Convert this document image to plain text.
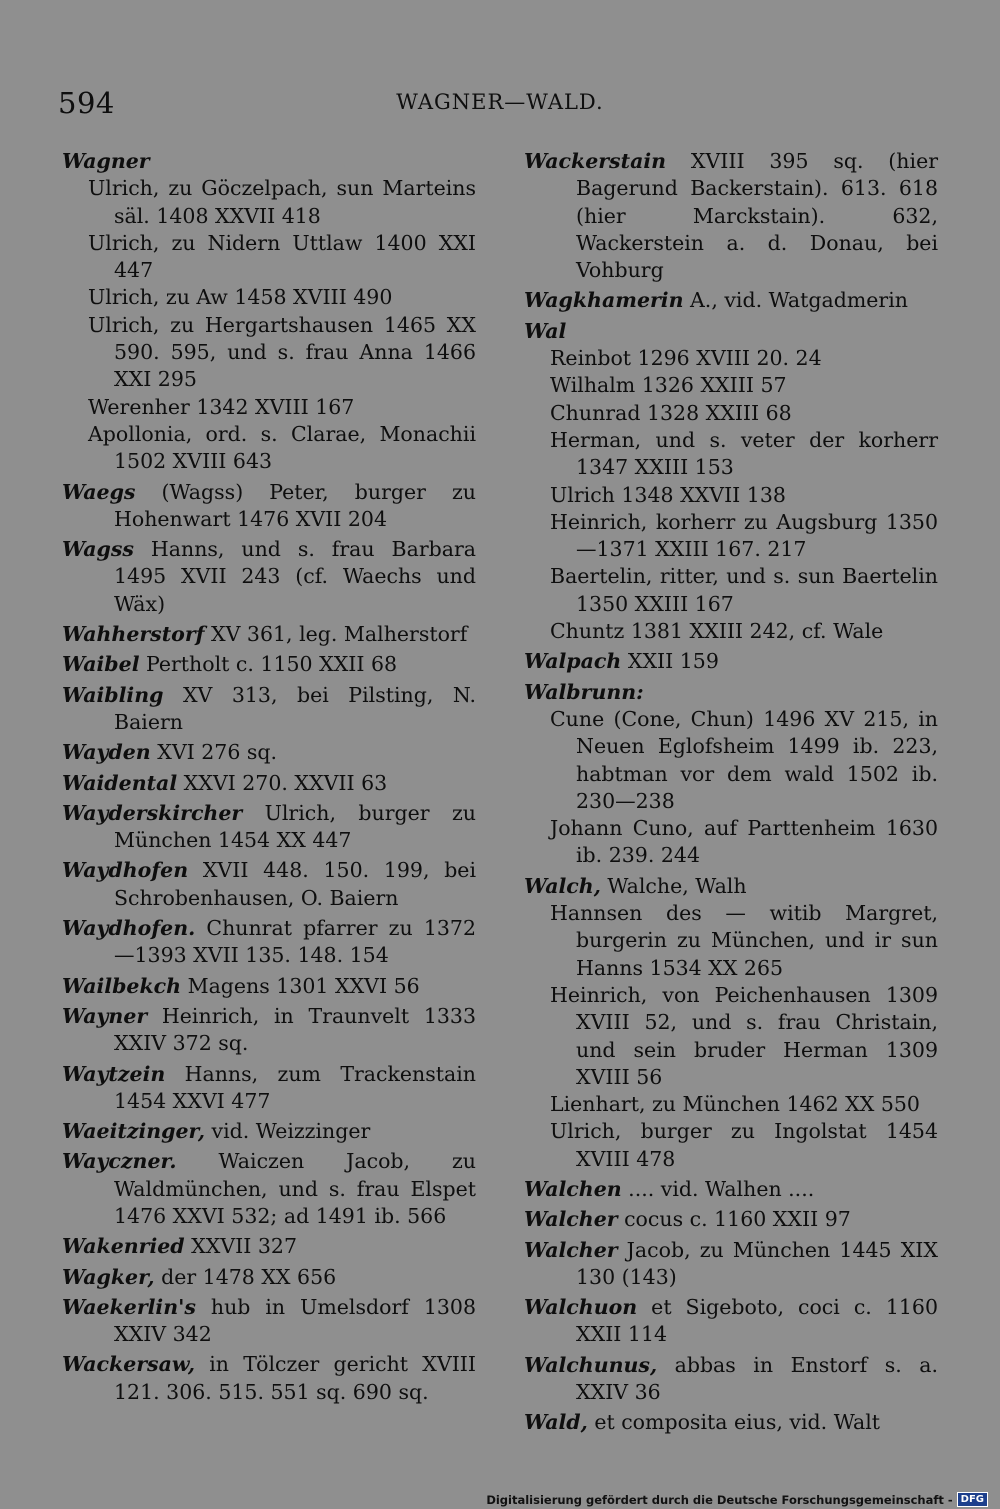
594	WAGNER—WALD.
Wagner
Ulrich, zu Göczelpach, sun Marteins säl. 1408 XXVII 418
Ulrich, zu Nidern Uttlaw 1400 XXI 447
Ulrich, zu Aw 1458 XVIII 490
Ulrich, zu Hergartshausen 1465 XX 590. 595, und s. frau Anna 1466 XXI 295
Werenher 1342 XVIII 167
Apollonia, ord. s. Clarae, Monachii 1502 XVIII 643
Waegs (Wagss) Peter, burger zu Hohenwart 1476 XVII 204
Wagss Hanns, und s. frau Barbara 1495 XVII 243 (cf. Waechs und Wäx)
Wahherstorf XV 361, leg. Malherstorf
Waibel Pertholt c. 1150 XXII 68
Waibling XV 313, bei Pilsting, N. Baiern
Wayden XVI 276 sq.
Waidental XXVI 270. XXVII 63
Wayderskircher Ulrich, burger zu München 1454 XX 447
Waydhofen XVII 448. 150. 199, bei Schrobenhausen, O. Baiern
Waydhofen. Chunrat pfarrer zu 1372—1393 XVII 135. 148. 154
Wailbekch Magens 1301 XXVI 56
Wayner Heinrich, in Traunvelt 1333 XXIV 372 sq.
Waytzein Hanns, zum Trackenstain 1454 XXVI 477
Waeitzinger, vid. Weizzinger
Wayczner. Waiczen Jacob, zu Waldmünchen, und s. frau Elspet 1476 XXVI 532; ad 1491 ib. 566
Wakenried XXVII 327
Wagker, der 1478 XX 656
Waekerlin's hub in Umelsdorf 1308 XXIV 342
Wackersaw, in Tölczer gericht XVIII 121. 306. 515. 551 sq. 690 sq.
Wackerstain XVIII 395 sq. (hier Bagerund Backerstain). 613. 618 (hier Marckstain). 632, Wackerstein a. d. Donau, bei Vohburg
Wagkhamerin A., vid. Watgadmerin
Wal
Reinbot 1296 XVIII 20. 24
Wilhalm 1326 XXIII 57
Chunrad 1328 XXIII 68
Herman, und s. veter der korherr 1347 XXIII 153
Ulrich 1348 XXVII 138
Heinrich, korherr zu Augsburg 1350—1371 XXIII 167. 217
Baertelin, ritter, und s. sun Baertelin 1350 XXIII 167
Chuntz 1381 XXIII 242, cf. Wale
Walpach XXII 159
Walbrunn:
Cune (Cone, Chun) 1496 XV 215, in Neuen Eglofsheim 1499 ib. 223, habtman vor dem wald 1502 ib. 230—238
Johann Cuno, auf Parttenheim 1630 ib. 239. 244
Walch, Walche, Walh
Hannsen des — witib Margret, burgerin zu München, und ir sun Hanns 1534 XX 265
Heinrich, von Peichenhausen 1309 XVIII 52, und s. frau Christain, und sein bruder Herman 1309 XVIII 56
Lienhart, zu München 1462 XX 550
Ulrich, burger zu Ingolstat 1454 XVIII 478
Walchen .... vid. Walhen ....
Walcher cocus c. 1160 XXII 97
Walcher Jacob, zu München 1445 XIX 130 (143)
Walchuon et Sigeboto, coci c. 1160 XXII 114
Walchunus, abbas in Enstorf s. a. XXIV 36
Wald, et composita eius, vid. Walt
Digitalisierung gefördert durch die Deutsche Forschungsgemeinschaft - DFG
